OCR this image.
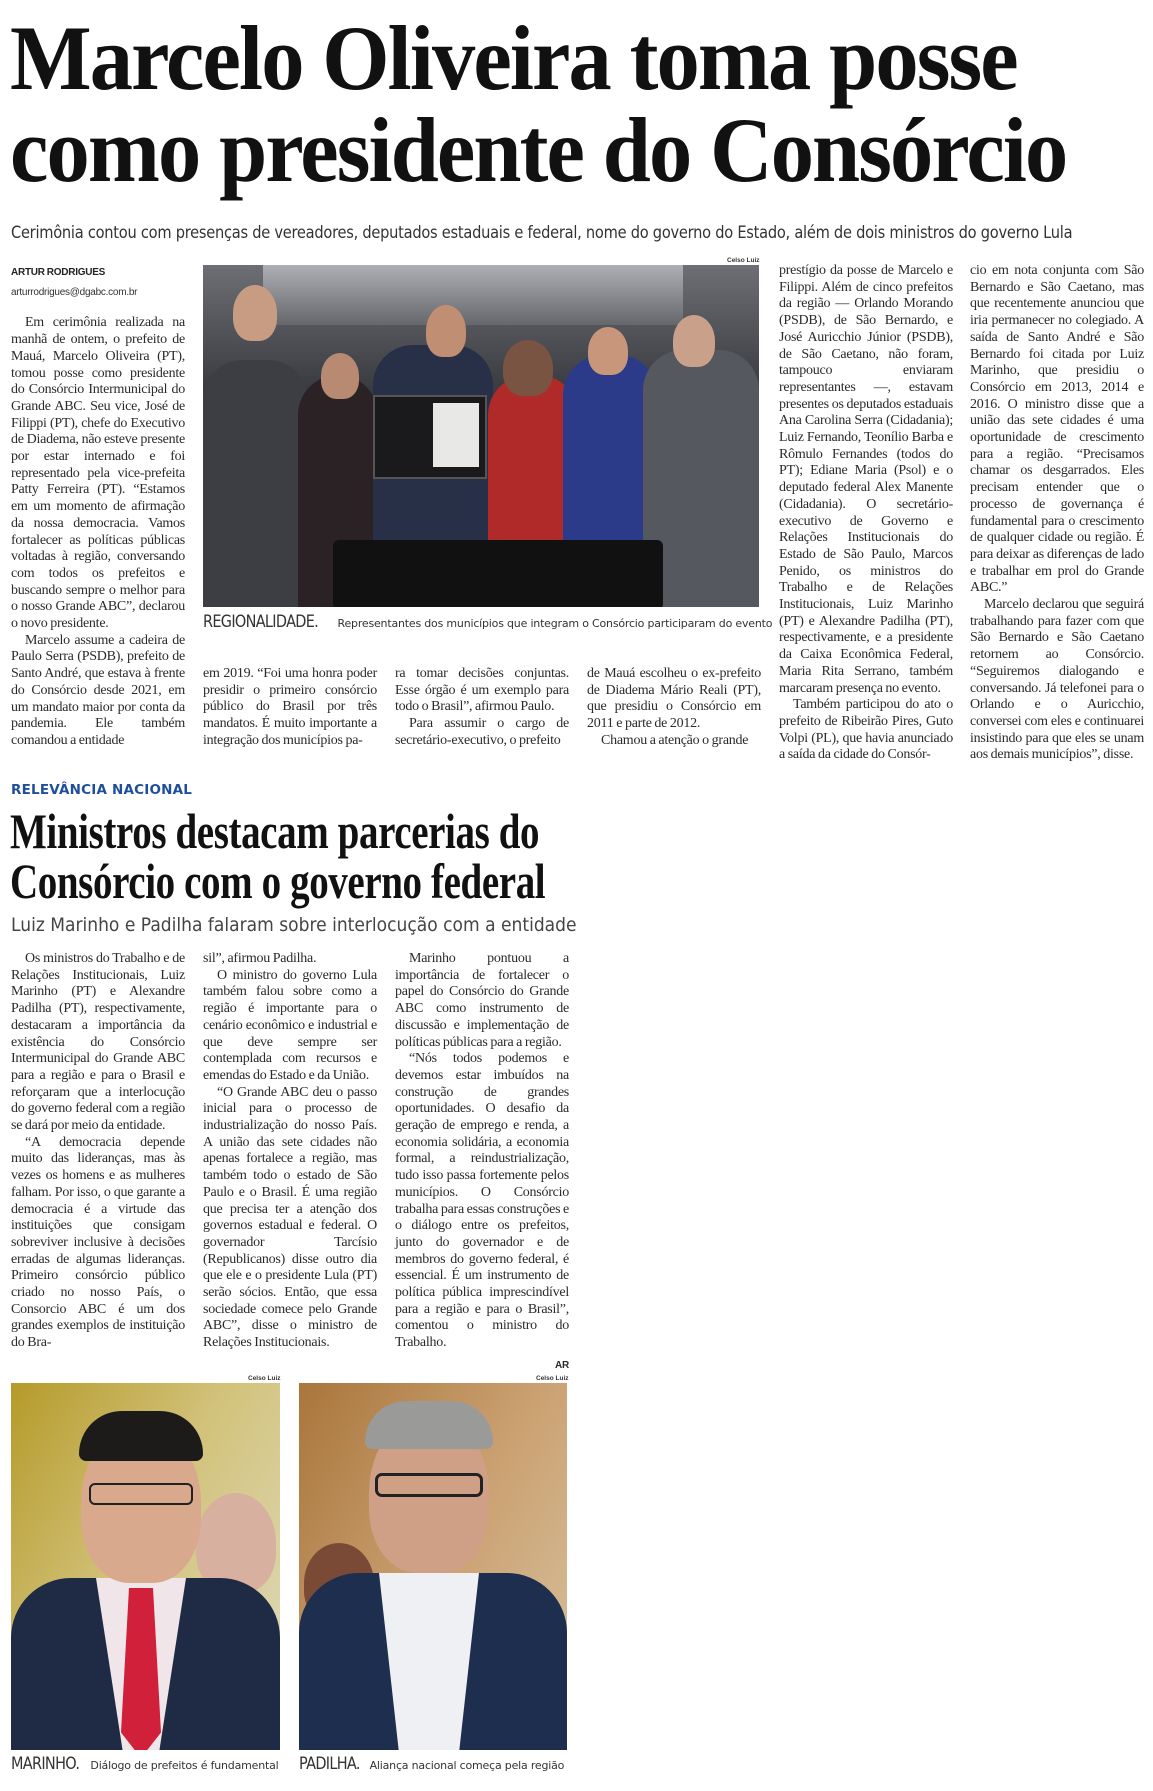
Marcelo Oliveira toma posse
como presidente do Consórcio
Cerimônia contou com presenças de vereadores, deputados estaduais e federal, nome do governo do Estado, além de dois ministros do governo Lula
ARTUR RODRIGUES
arturrodrigues@dgabc.com.br

Em cerimônia realizada na manhã de ontem, o prefeito de Mauá, Marcelo Oliveira (PT), tomou posse como presidente do Consórcio Intermunicipal do Grande ABC. Seu vice, José de Filippi (PT), chefe do Executivo de Diadema, não esteve presente por estar internado e foi representado pela vice-prefeita Patty Ferreira (PT). “Estamos em um momento de afirmação da nossa democracia. Vamos fortalecer as políticas públicas voltadas à região, conversando com todos os prefeitos e buscando sempre o melhor para o nosso Grande ABC”, declarou o novo presidente.

Marcelo assume a cadeira de Paulo Serra (PSDB), prefeito de Santo André, que estava à frente do Consórcio desde 2021, em um mandato maior por conta da pandemia. Ele também comandou a entidade

Celso Luiz
REGIONALIDADE. Representantes dos municípios que integram o Consórcio participaram do evento

em 2019. “Foi uma honra poder presidir o primeiro consórcio público do Brasil por três mandatos. É muito importante a integração dos municípios pa-

ra tomar decisões conjuntas. Esse órgão é um exemplo para todo o Brasil”, afirmou Paulo.

Para assumir o cargo de secretário-executivo, o prefeito

de Mauá escolheu o ex-prefeito de Diadema Mário Reali (PT), que presidiu o Consórcio em 2011 e parte de 2012.

Chamou a atenção o grande

prestígio da posse de Marcelo e Filippi. Além de cinco prefeitos da região — Orlando Morando (PSDB), de São Bernardo, e José Auricchio Júnior (PSDB), de São Caetano, não foram, tampouco enviaram representantes —, estavam presentes os deputados estaduais Ana Carolina Serra (Cidadania); Luiz Fernando, Teonílio Barba e Rômulo Fernandes (todos do PT); Ediane Maria (Psol) e o deputado federal Alex Manente (Cidadania). O secretário-executivo de Governo e Relações Institucionais do Estado de São Paulo, Marcos Penido, os ministros do Trabalho e de Relações Institucionais, Luiz Marinho (PT) e Alexandre Padilha (PT), respectivamente, e a presidente da Caixa Econômica Federal, Maria Rita Serrano, também marcaram presença no evento.

Também participou do ato o prefeito de Ribeirão Pires, Guto Volpi (PL), que havia anunciado a saída da cidade do Consór-

cio em nota conjunta com São Bernardo e São Caetano, mas que recentemente anunciou que iria permanecer no colegiado. A saída de Santo André e São Bernardo foi citada por Luiz Marinho, que presidiu o Consórcio em 2013, 2014 e 2016. O ministro disse que a união das sete cidades é uma oportunidade de crescimento para a região. “Precisamos chamar os desgarrados. Eles precisam entender que o processo de governança é fundamental para o crescimento de qualquer cidade ou região. É para deixar as diferenças de lado e trabalhar em prol do Grande ABC.”

Marcelo declarou que seguirá trabalhando para fazer com que São Bernardo e São Caetano retornem ao Consórcio. “Seguiremos dialogando e conversando. Já telefonei para o Orlando e o Auricchio, conversei com eles e continuarei insistindo para que eles se unam aos demais municípios”, disse.

RELEVÂNCIA NACIONAL
Ministros destacam parcerias do
Consórcio com o governo federal
Luiz Marinho e Padilha falaram sobre interlocução com a entidade

Os ministros do Trabalho e de Relações Institucionais, Luiz Marinho (PT) e Alexandre Padilha (PT), respectivamente, destacaram a importância da existência do Consórcio Intermunicipal do Grande ABC para a região e para o Brasil e reforçaram que a interlocução do governo federal com a região se dará por meio da entidade.

“A democracia depende muito das lideranças, mas às vezes os homens e as mulheres falham. Por isso, o que garante a democracia é a virtude das instituições que consigam sobreviver inclusive à decisões erradas de algumas lideranças. Primeiro consórcio público criado no nosso País, o Consorcio ABC é um dos grandes exemplos de instituição do Bra-

sil”, afirmou Padilha.

O ministro do governo Lula também falou sobre como a região é importante para o cenário econômico e industrial e que deve sempre ser contemplada com recursos e emendas do Estado e da União.

“O Grande ABC deu o passo inicial para o processo de industrialização do nosso País. A união das sete cidades não apenas fortalece a região, mas também todo o estado de São Paulo e o Brasil. É uma região que precisa ter a atenção dos governos estadual e federal. O governador Tarcísio (Republicanos) disse outro dia que ele e o presidente Lula (PT) serão sócios. Então, que essa sociedade comece pelo Grande ABC”, disse o ministro de Relações Institucionais.

Marinho pontuou a importância de fortalecer o papel do Consórcio do Grande ABC como instrumento de discussão e implementação de políticas públicas para a região.

“Nós todos podemos e devemos estar imbuídos na construção de grandes oportunidades. O desafio da geração de emprego e renda, a economia solidária, a economia formal, a reindustrialização, tudo isso passa fortemente pelos municípios. O Consórcio trabalha para essas construções e o diálogo entre os prefeitos, junto do governador e de membros do governo federal, é essencial. É um instrumento de política pública imprescindível para a região e para o Brasil”, comentou o ministro do Trabalho.

AR
Celso Luiz	Celso Luiz
MARINHO. Diálogo de prefeitos é fundamental PADILHA. Aliança nacional começa pela região
